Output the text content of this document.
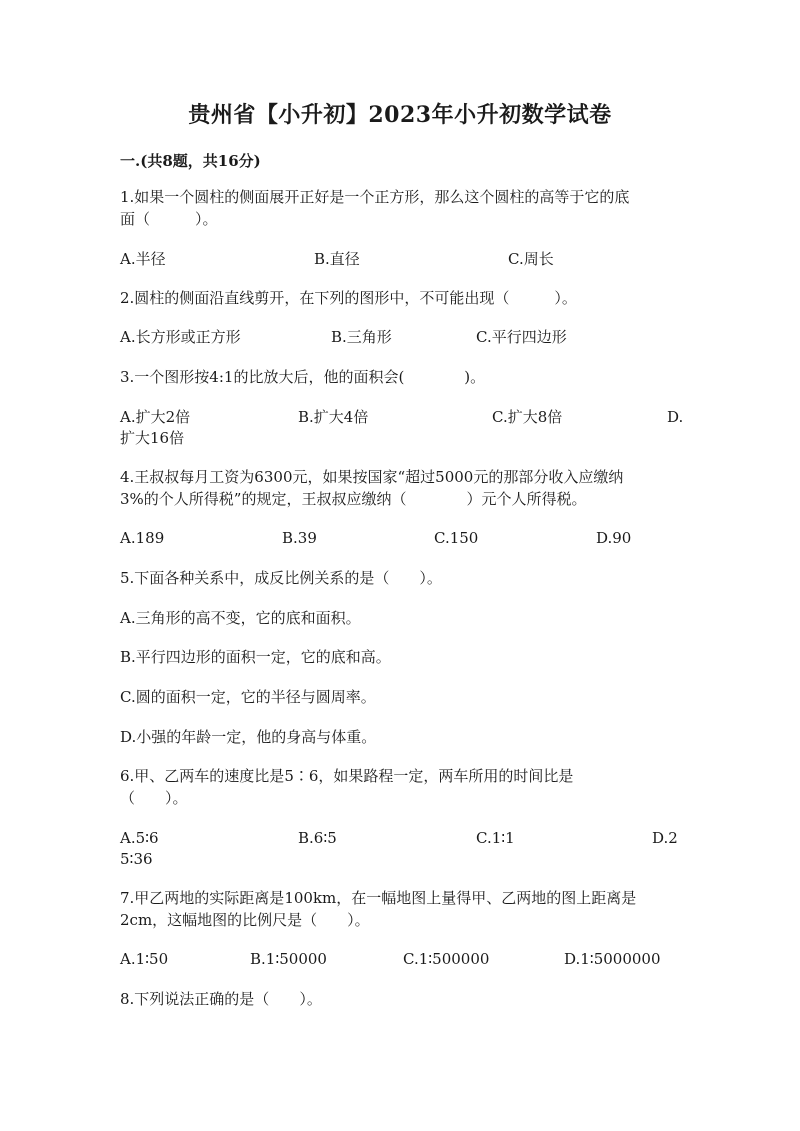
贵州省【小升初】2023年小升初数学试卷
一.(共8题，共16分)
1.如果一个圆柱的侧面展开正好是一个正方形，那么这个圆柱的高等于它的底
面（　　　）。
A.半径	B.直径	C.周长
2.圆柱的侧面沿直线剪开，在下列的图形中，不可能出现（　　　）。
A.长方形或正方形	B.三角形	C.平行四边形
3.一个图形按4:1的比放大后，他的面积会(　　　　)。
A.扩大2倍	B.扩大4倍	C.扩大8倍	D.
扩大16倍
4.王叔叔每月工资为6300元，如果按国家“超过5000元的那部分收入应缴纳
3%的个人所得税”的规定，王叔叔应缴纳（　　　　）元个人所得税。
A.189	B.39	C.150	D.90
5.下面各种关系中，成反比例关系的是（　　）。
A.三角形的高不变，它的底和面积。
B.平行四边形的面积一定，它的底和高。
C.圆的面积一定，它的半径与圆周率。
D.小强的年龄一定，他的身高与体重。
6.甲、乙两车的速度比是5∶6，如果路程一定，两车所用的时间比是
（　　）。
A.5∶6	B.6∶5	C.1∶1	D.2
5∶36
7.甲乙两地的实际距离是100km，在一幅地图上量得甲、乙两地的图上距离是
2cm，这幅地图的比例尺是（　　）。
A.1∶50	B.1∶50000	C.1∶500000	D.1∶5000000
8.下列说法正确的是（　　）。
